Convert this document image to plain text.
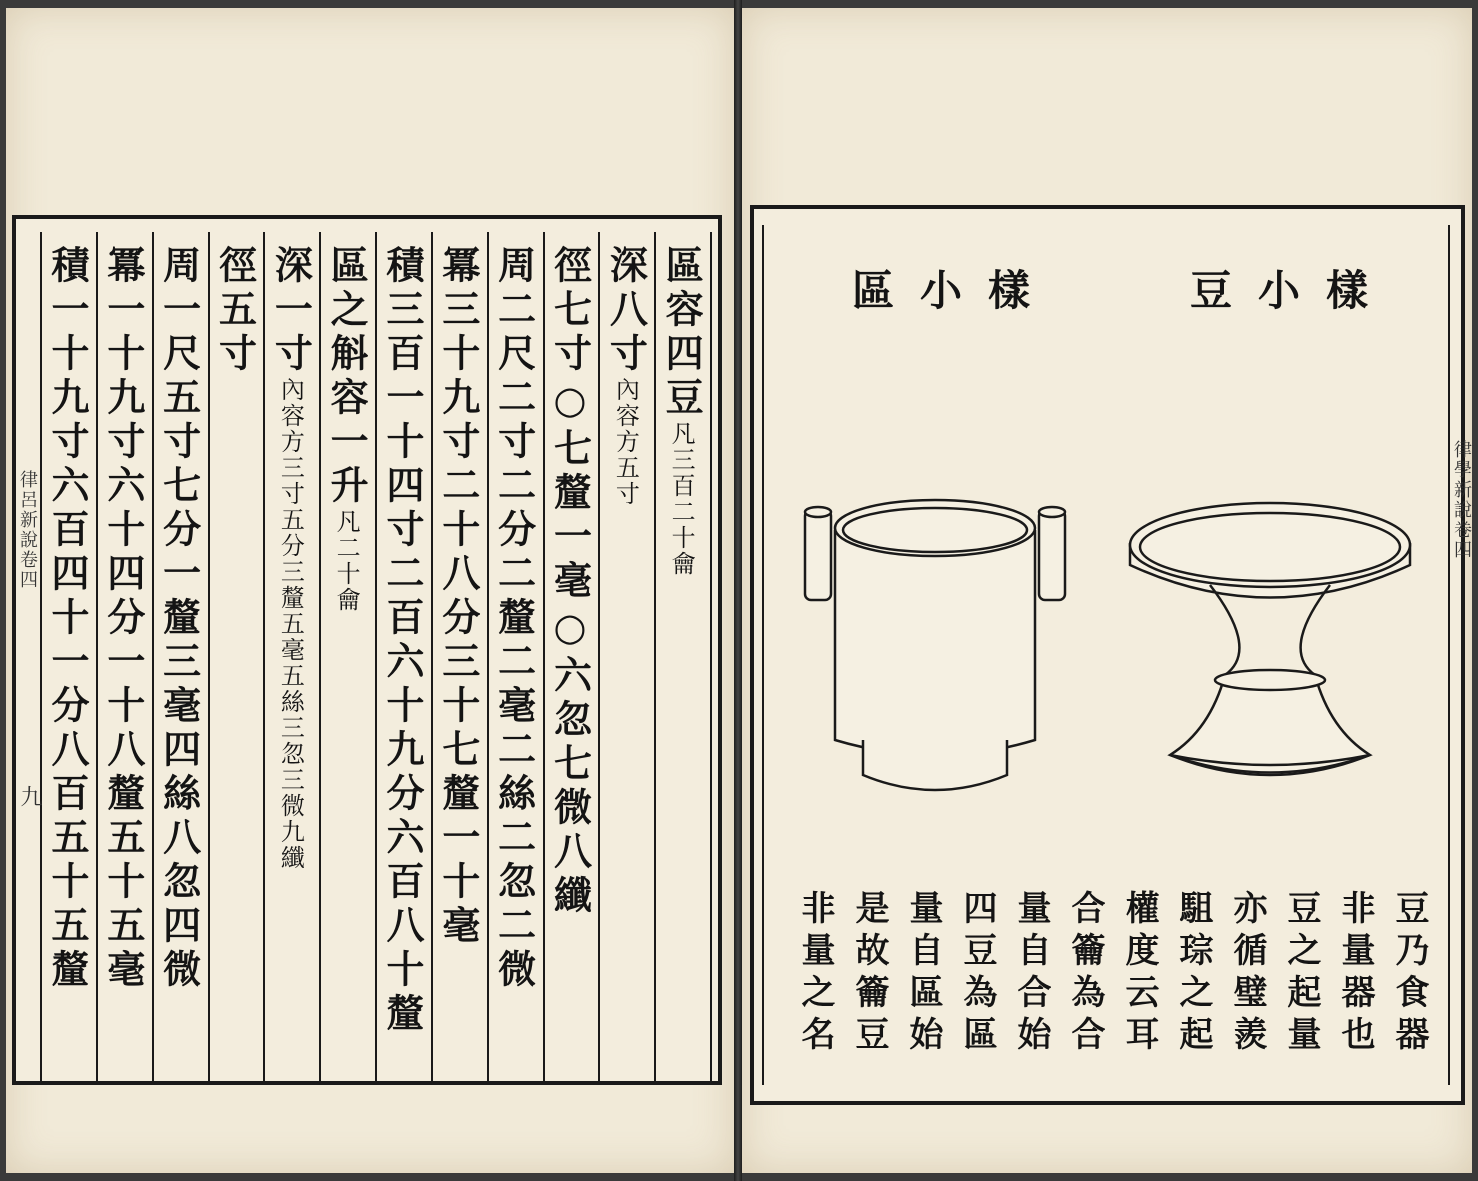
區容四豆凡三百二十龠
深八寸內容方五寸
徑七寸○七釐一毫○六忽七微八纖
周二尺二寸二分二釐二毫二絲二忽二微
冪三十九寸二十八分三十七釐一十毫
積三百一十四寸二百六十九分六百八十釐
區之斛容一升凡二十龠
深一寸內容方三寸五分三釐五毫五絲三忽三微九纖
徑五寸
周一尺五寸七分一釐三毫四絲八忽四微
冪一十九寸六十四分一十八釐五十五毫
積一十九寸六百四十一分八百五十五釐
律呂新說卷四
九
律學新說卷四
豆小樣
區小樣
豆乃食器
非量器也
豆之起量
亦循璧羨
駔琮之起
權度云耳
合籥為合
量自合始
四豆為區
量自區始
是故籥豆
非量之名
